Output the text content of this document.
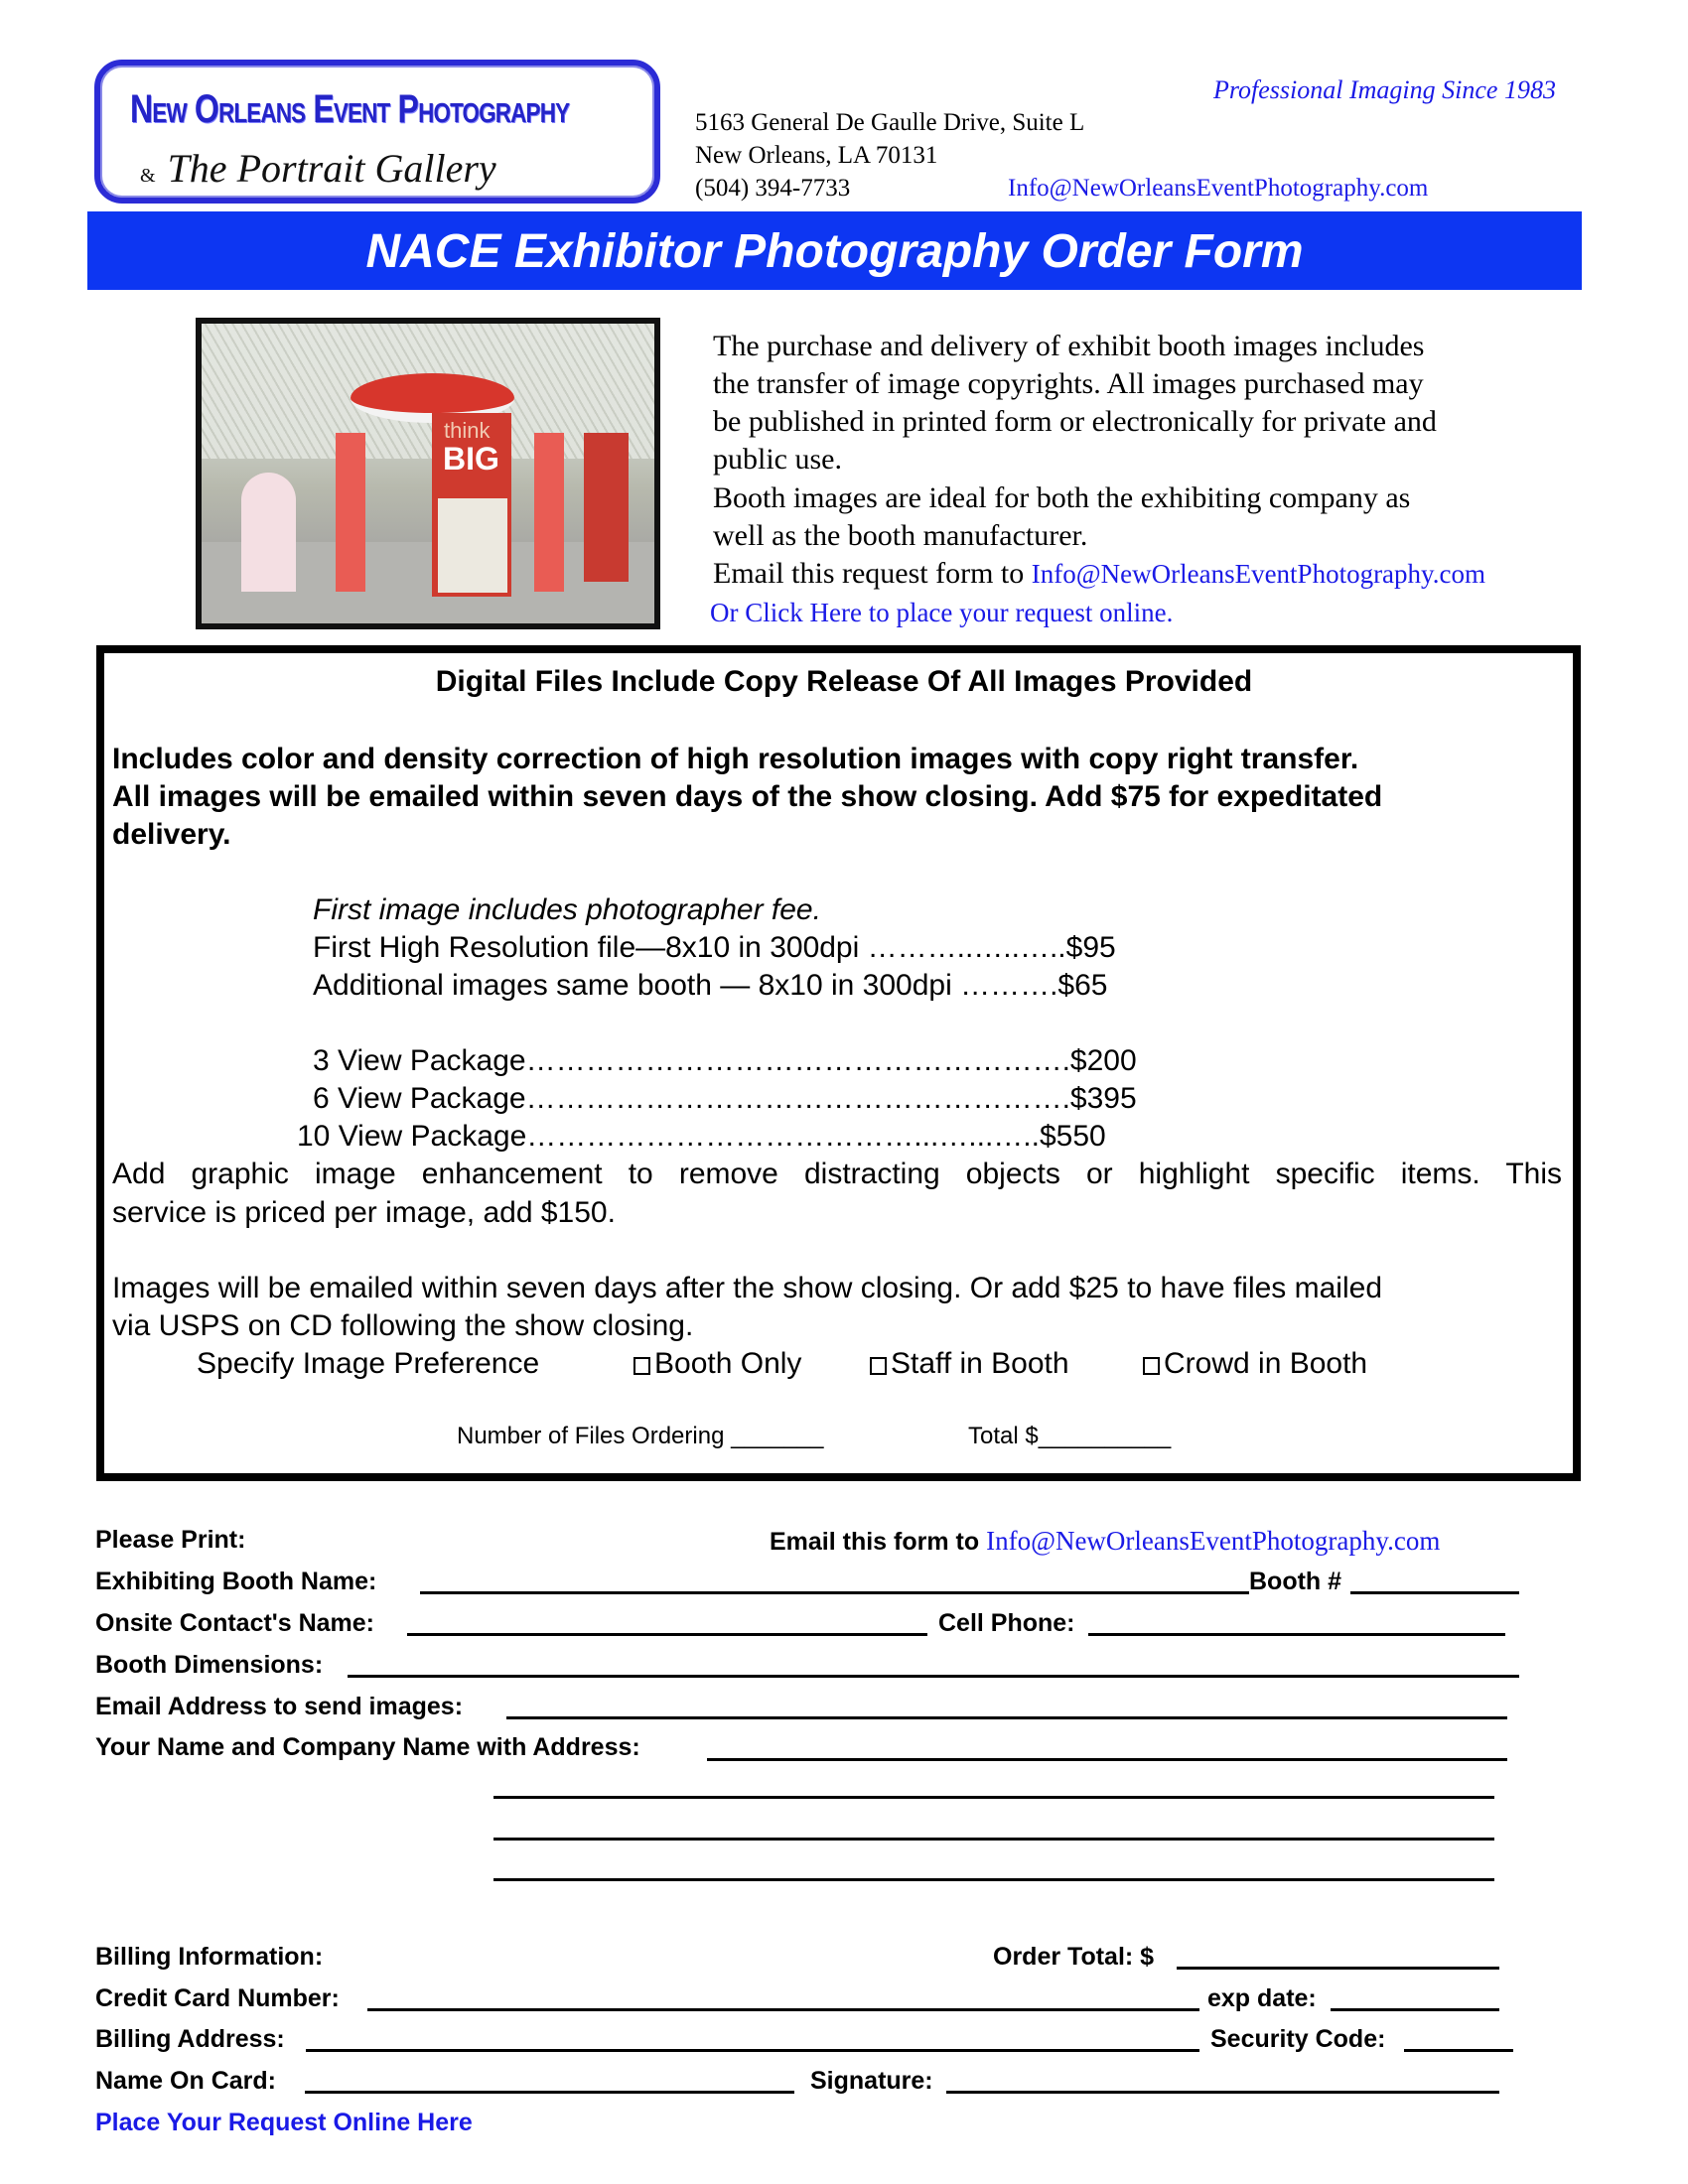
New Orleans Event Photography
& The Portrait Gallery
5163 General De Gaulle Drive, Suite L
New Orleans, LA 70131
(504) 394-7733	Info@NewOrleansEventPhotography.com
Professional Imaging Since 1983
NACE Exhibitor Photography Order Form
think
BIG
The purchase and delivery of exhibit booth images includes
the transfer of image copyrights. All images purchased may
be published in printed form or electronically for private and
public use.
Booth images are ideal for both the exhibiting company as
well as the booth manufacturer.
Email this request form to Info@NewOrleansEventPhotography.com
Or Click Here to place your request online.
Digital Files Include Copy Release Of All Images Provided
Includes color and density correction of high resolution images with copy right transfer.
All images will be emailed within seven days of the show closing. Add $75 for expeditated
delivery.
First image includes photographer fee.
First High Resolution file—8x10 in 300dpi ………..…..…..$95
Additional images same booth — 8x10 in 300dpi ……….$65
3 View Package……………………………………………….$200
6 View Package……………………………………………….$395
10 View Package…………………………………...…...…..$550
Add graphic image enhancement to remove distracting objects or highlight specific items. This
service is priced per image, add $150.
Images will be emailed within seven days after the show closing. Or add $25 to have files mailed
via USPS on CD following the show closing.
Specify Image Preference	Booth Only	Staff in Booth	Crowd in Booth
Number of Files Ordering _______	Total $__________
Please Print:	Email this form to Info@NewOrleansEventPhotography.com
Exhibiting Booth Name:	Booth #
Onsite Contact's Name:	Cell Phone:
Booth Dimensions:
Email Address to send images:
Your Name and Company Name with Address:
Billing Information:	Order Total: $
Credit Card Number:	exp date:
Billing Address:	Security Code:
Name On Card:	Signature:
Place Your Request Online Here
